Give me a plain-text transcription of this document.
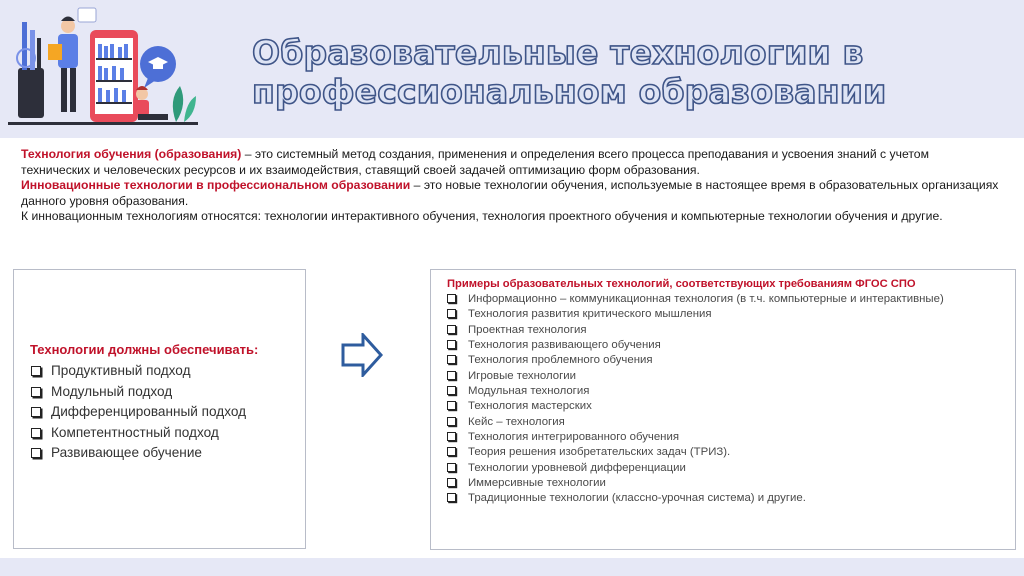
Образовательные технологии в
профессиональном образовании

Технология обучения (образования) – это системный метод создания, применения и определения всего процесса преподавания и усвоения знаний с учетом технических и человеческих ресурсов и их взаимодействия, ставящий своей задачей оптимизацию форм образования.

Инновационные технологии в профессиональном образовании – это новые технологии обучения, используемые в настоящее время в образовательных организациях данного уровня образования.

К инновационным технологиям относятся: технологии интерактивного обучения, технология проектного обучения и компьютерные технологии обучения и другие.

Технологии должны обеспечивать:

Продуктивный подход
Модульный подход
Дифференцированный подход
Компетентностный подход
Развивающее обучение

Примеры образовательных технологий, соответствующих требованиям ФГОС СПО

Информационно – коммуникационная технология (в т.ч. компьютерные и интерактивные)
Технология развития критического мышления
Проектная технология
Технология развивающего обучения
Технология проблемного обучения
Игровые технологии
Модульная технология
Технология мастерских
Кейс – технология
Технология интегрированного обучения
Теория решения изобретательских задач (ТРИЗ).
Технологии уровневой дифференциации
Иммерсивные технологии
Традиционные технологии (классно-урочная система) и другие.
